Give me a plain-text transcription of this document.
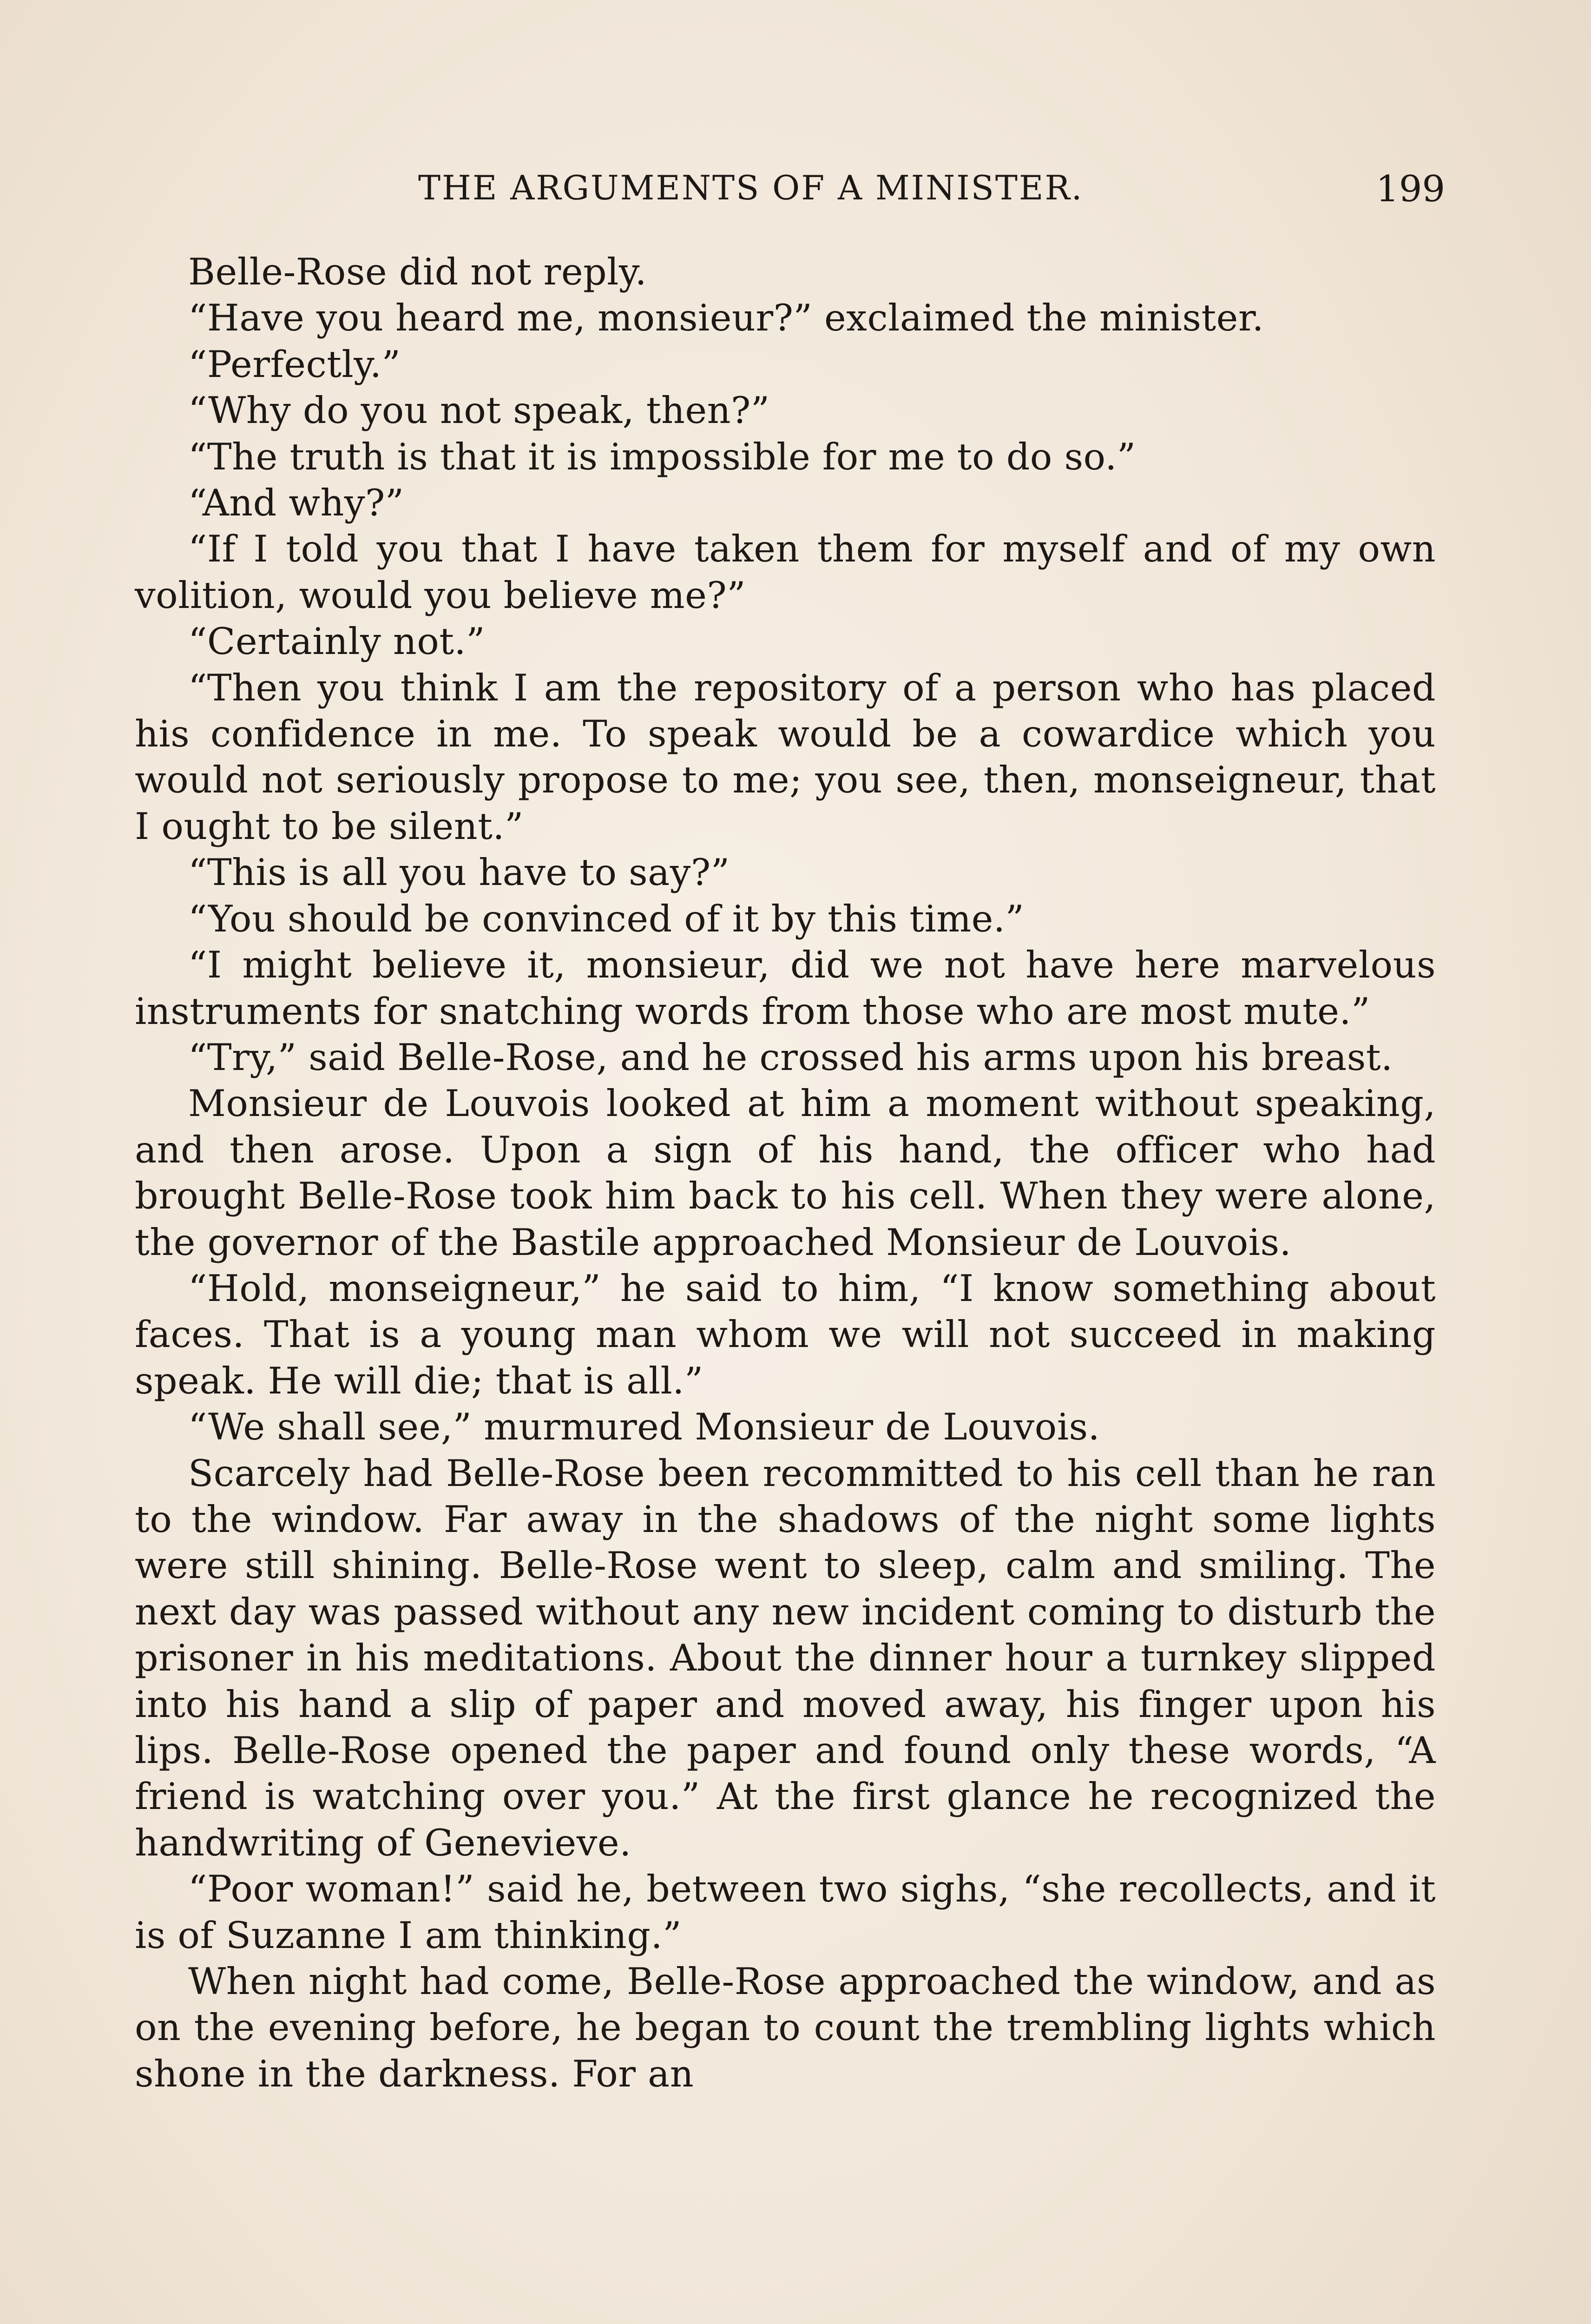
THE ARGUMENTS OF A MINISTER.	199

Belle-Rose did not reply.

“Have you heard me, monsieur?” exclaimed the minister.

“Perfectly.”

“Why do you not speak, then?”

“The truth is that it is impossible for me to do so.”

“And why?”

“If I told you that I have taken them for myself and of my own volition, would you believe me?”

“Certainly not.”

“Then you think I am the repository of a person who has placed his confidence in me. To speak would be a cowardice which you would not seriously propose to me; you see, then, monseigneur, that I ought to be silent.”

“This is all you have to say?”

“You should be convinced of it by this time.”

“I might believe it, monsieur, did we not have here marvelous instruments for snatching words from those who are most mute.”

“Try,” said Belle-Rose, and he crossed his arms upon his breast.

Monsieur de Louvois looked at him a moment without speaking, and then arose. Upon a sign of his hand, the officer who had brought Belle-Rose took him back to his cell. When they were alone, the governor of the Bastile approached Monsieur de Louvois.

“Hold, monseigneur,” he said to him, “I know something about faces. That is a young man whom we will not succeed in making speak. He will die; that is all.”

“We shall see,” murmured Monsieur de Louvois.

Scarcely had Belle-Rose been recommitted to his cell than he ran to the window. Far away in the shadows of the night some lights were still shining. Belle-Rose went to sleep, calm and smiling. The next day was passed without any new incident coming to disturb the prisoner in his meditations. About the dinner hour a turnkey slipped into his hand a slip of paper and moved away, his finger upon his lips. Belle-Rose opened the paper and found only these words, “A friend is watching over you.” At the first glance he recognized the handwriting of Genevieve.

“Poor woman!” said he, between two sighs, “she recollects, and it is of Suzanne I am thinking.”

When night had come, Belle-Rose approached the window, and as on the evening before, he began to count the trembling lights which shone in the darkness. For an
